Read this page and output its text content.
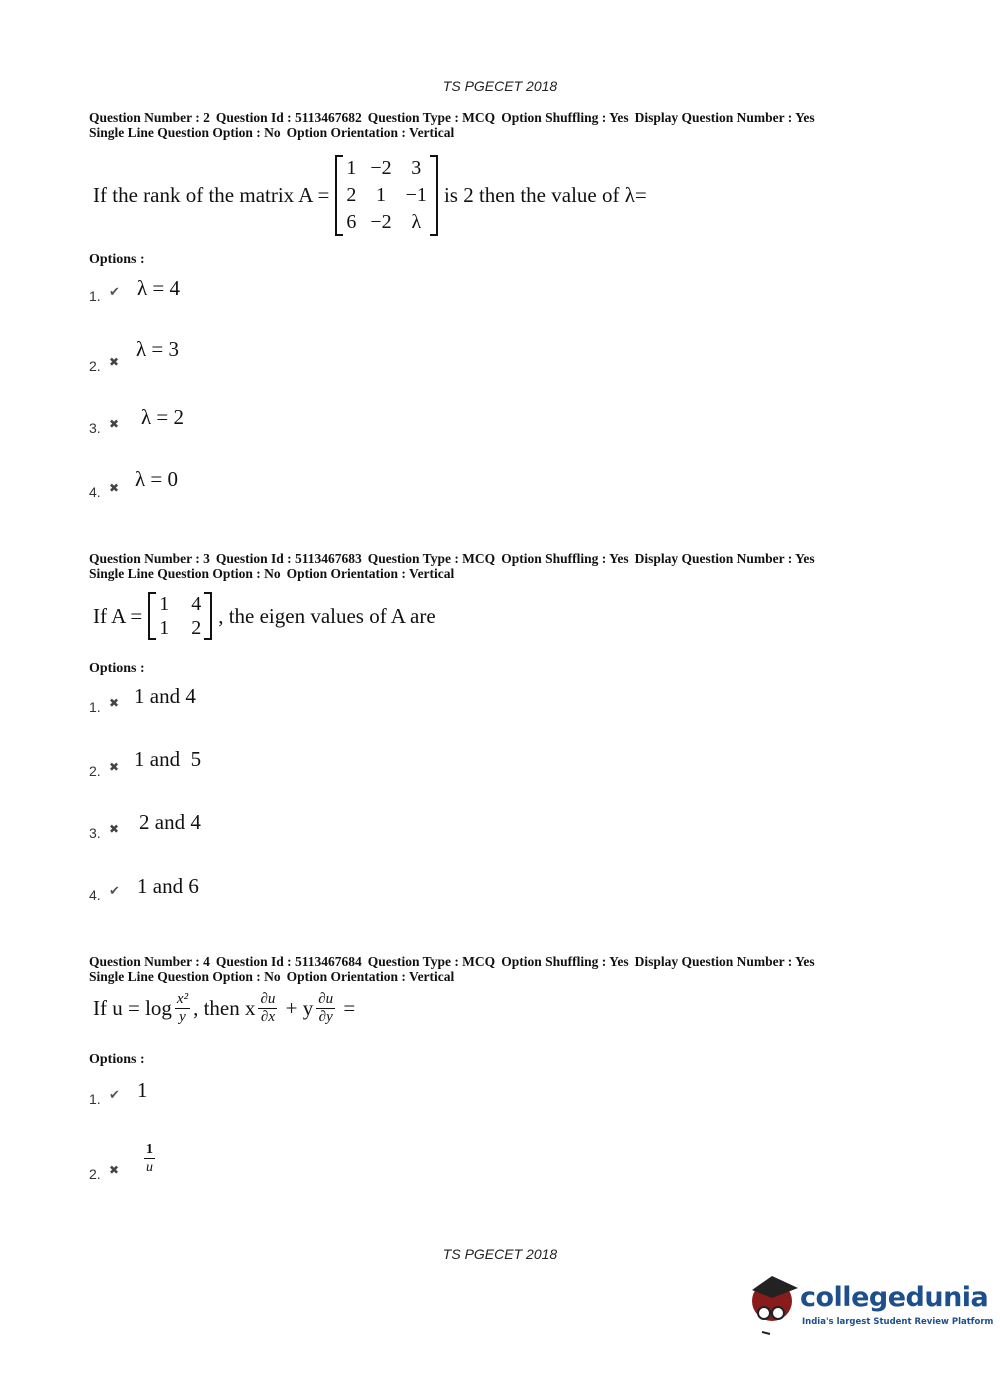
TS PGECET 2018
Question Number : 2 Question Id : 5113467682 Question Type : MCQ Option Shuffling : Yes Display Question Number : Yes
Single Line Question Option : No Option Orientation : Vertical
If the rank of the matrix A =
1 −2 3
2 1 −1
6 −2 λ
is 2 then the value of λ=
Options :
1. ✔ λ = 4
2. ✖
λ = 3
3. ✖ λ = 2
4. ✖ λ = 0
Question Number : 3 Question Id : 5113467683 Question Type : MCQ Option Shuffling : Yes Display Question Number : Yes
Single Line Question Option : No Option Orientation : Vertical
If A = 1 4
1 2
, the eigen values of A are
Options :
1. ✖ 1 and 4
2. ✖ 1 and  5
3. ✖ 2 and 4
4. ✔ 1 and 6
Question Number : 4 Question Id : 5113467684 Question Type : MCQ Option Shuffling : Yes Display Question Number : Yes
Single Line Question Option : No Option Orientation : Vertical
If $u = \log \frac{\text{x²}}{y}$ , then x $\frac{\partial u}{\partial x} + y \frac{\partial u}{\partial y}$ =
Options :
1. ✔ 1
2. ✖ $\frac{1}{u}$
TS PGECET 2018
collegedunia
India's largest Student Review Platform
